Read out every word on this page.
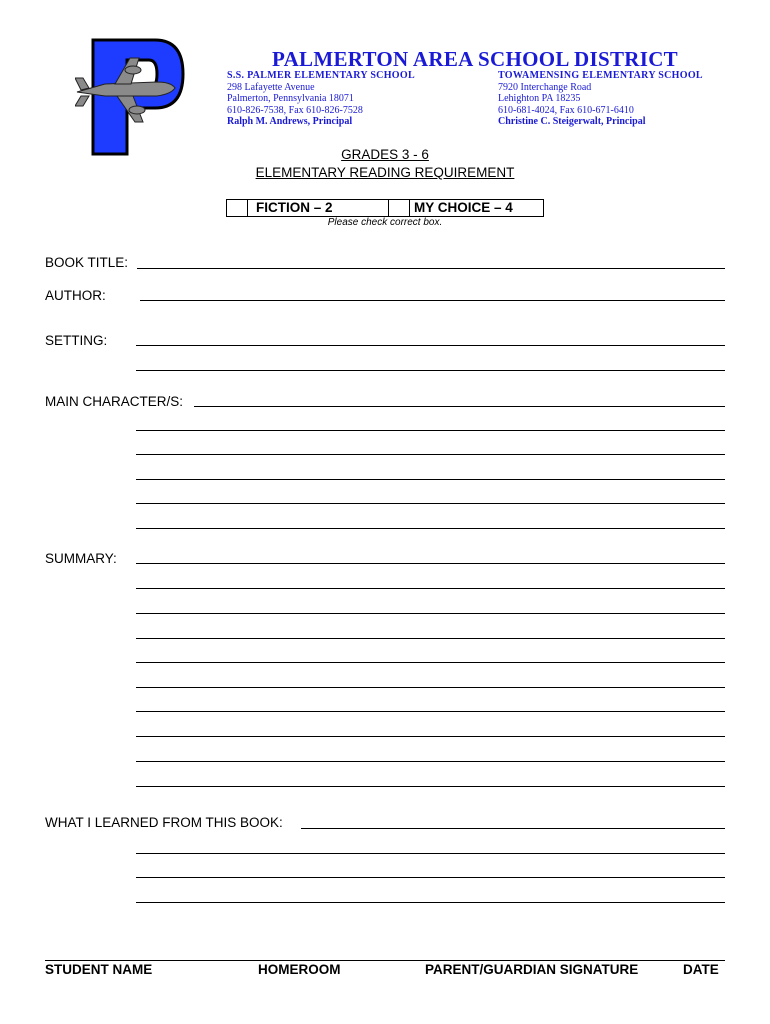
PALMERTON AREA SCHOOL DISTRICT
S.S. PALMER ELEMENTARY SCHOOL
298 Lafayette Avenue
Palmerton, Pennsylvania 18071
610-826-7538, Fax 610-826-7528
Ralph M. Andrews, Principal
TOWAMENSING ELEMENTARY SCHOOL
7920 Interchange Road
Lehighton PA 18235
610-681-4024, Fax 610-671-6410
Christine C. Steigerwalt, Principal
GRADES 3 - 6
ELEMENTARY READING REQUIREMENT
FICTION – 2	MY CHOICE – 4
Please check correct box.
BOOK TITLE:
AUTHOR:
SETTING:
MAIN CHARACTER/S:
SUMMARY:
WHAT I LEARNED FROM THIS BOOK:
STUDENT NAME	HOMEROOM	PARENT/GUARDIAN SIGNATURE	DATE
